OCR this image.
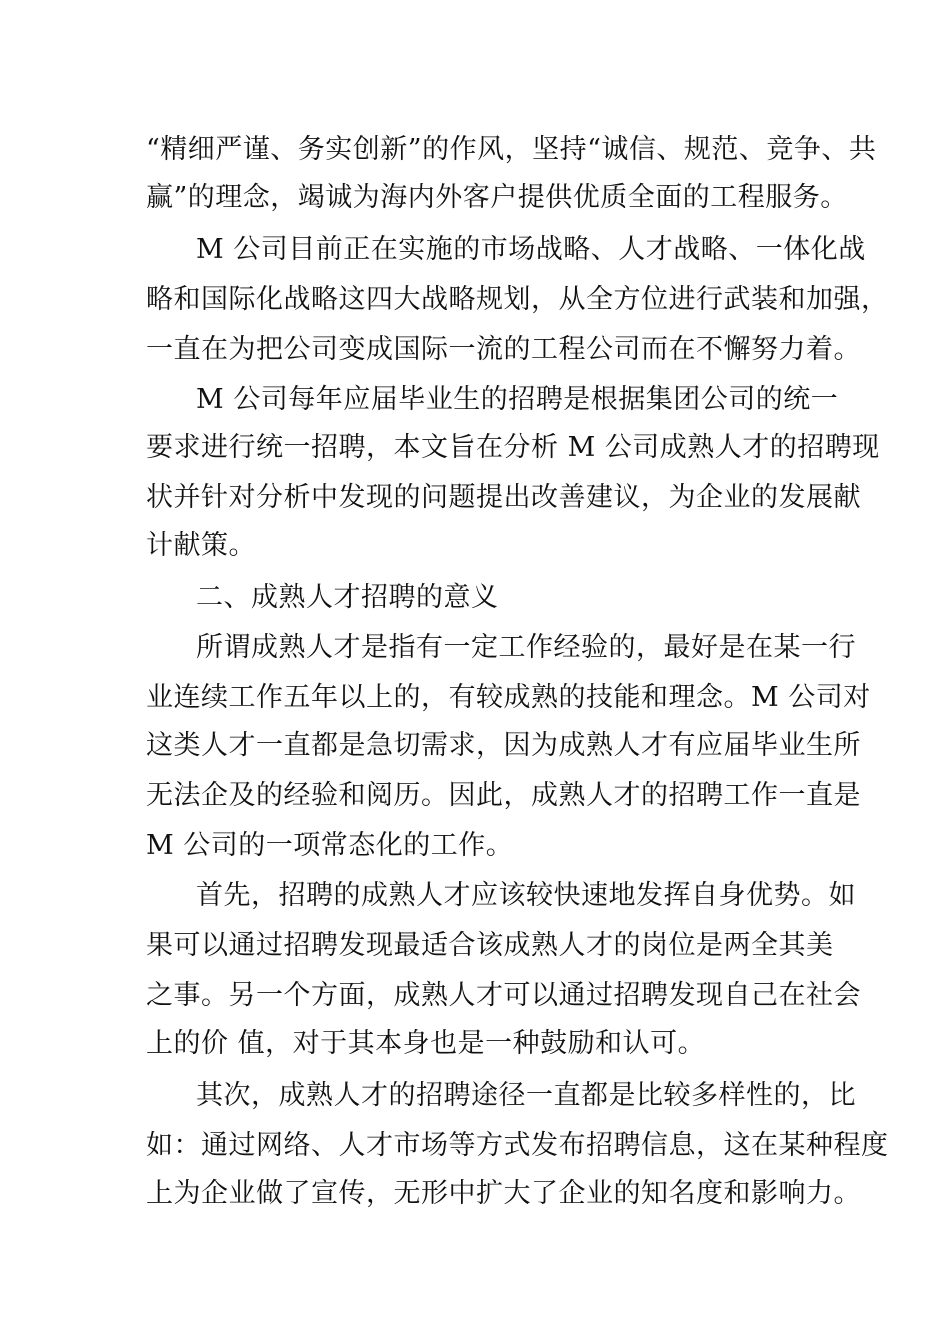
“精细严谨、务实创新”的作风，坚持“诚信、规范、竞争、共
赢”的理念，竭诚为海内外客户提供优质全面的工程服务。
M 公司目前正在实施的市场战略、人才战略、一体化战
略和国际化战略这四大战略规划，从全方位进行武装和加强，
一直在为把公司变成国际一流的工程公司而在不懈努力着。
M 公司每年应届毕业生的招聘是根据集团公司的统一
要求进行统一招聘，本文旨在分析 M 公司成熟人才的招聘现
状并针对分析中发现的问题提出改善建议，为企业的发展献
计献策。
二、成熟人才招聘的意义
所谓成熟人才是指有一定工作经验的，最好是在某一行
业连续工作五年以上的，有较成熟的技能和理念。M 公司对
这类人才一直都是急切需求，因为成熟人才有应届毕业生所
无法企及的经验和阅历。因此，成熟人才的招聘工作一直是
M 公司的一项常态化的工作。
首先，招聘的成熟人才应该较快速地发挥自身优势。如
果可以通过招聘发现最适合该成熟人才的岗位是两全其美
之事。另一个方面，成熟人才可以通过招聘发现自己在社会
上的价 值，对于其本身也是一种鼓励和认可。
其次，成熟人才的招聘途径一直都是比较多样性的，比
如：通过网络、人才市场等方式发布招聘信息，这在某种程度
上为企业做了宣传，无形中扩大了企业的知名度和影响力。
